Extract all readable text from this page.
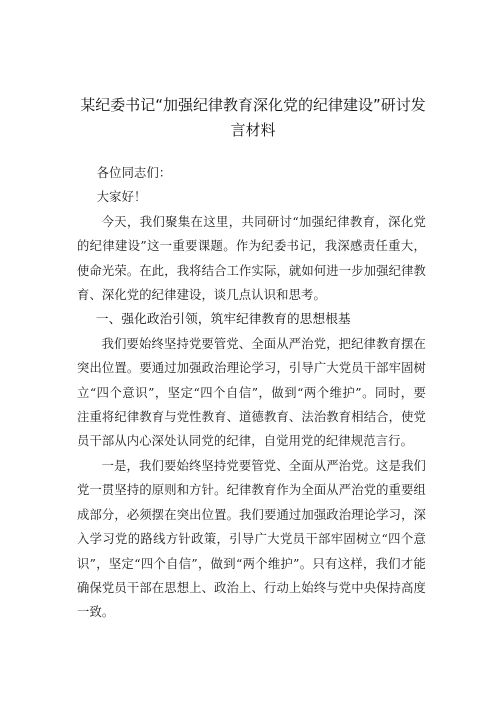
某纪委书记“加强纪律教育深化党的纪律建设”研讨发言材料

各位同志们：

大家好！

今天，我们聚集在这里，共同研讨“加强纪律教育，深化党的纪律建设”这一重要课题。作为纪委书记，我深感责任重大，使命光荣。在此，我将结合工作实际，就如何进一步加强纪律教育、深化党的纪律建设，谈几点认识和思考。

一、强化政治引领，筑牢纪律教育的思想根基

我们要始终坚持党要管党、全面从严治党，把纪律教育摆在突出位置。要通过加强政治理论学习，引导广大党员干部牢固树立“四个意识”，坚定“四个自信”，做到“两个维护”。同时，要注重将纪律教育与党性教育、道德教育、法治教育相结合，使党员干部从内心深处认同党的纪律，自觉用党的纪律规范言行。

一是，我们要始终坚持党要管党、全面从严治党。这是我们党一贯坚持的原则和方针。纪律教育作为全面从严治党的重要组成部分，必须摆在突出位置。我们要通过加强政治理论学习，深入学习党的路线方针政策，引导广大党员干部牢固树立“四个意识”，坚定“四个自信”，做到“两个维护”。只有这样，我们才能确保党员干部在思想上、政治上、行动上始终与党中央保持高度一致。
